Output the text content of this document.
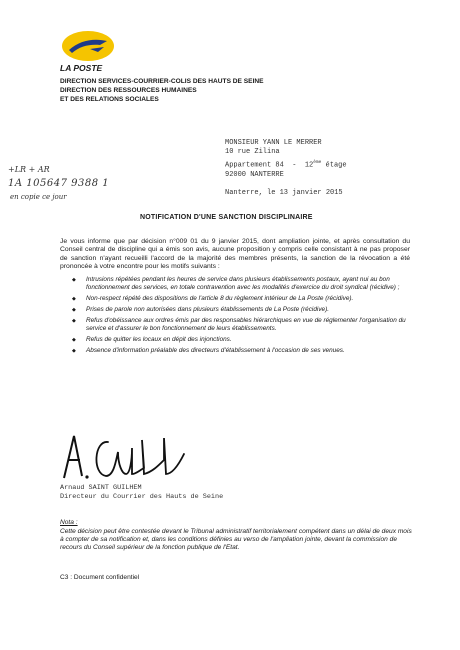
LA POSTE
DIRECTION SERVICES-COURRIER-COLIS DES HAUTS DE SEINE
DIRECTION DES RESSOURCES HUMAINES
ET DES RELATIONS SOCIALES
MONSIEUR YANN LE MERRER
10 rue Zilina
Appartement 84  -  12ème étage
92000 NANTERRE
Nanterre, le 13 janvier 2015
+LR + AR
1A 105647 9388 1
en copie ce jour
NOTIFICATION D'UNE SANCTION DISCIPLINAIRE
Je vous informe que par décision n°009 01 du 9 janvier 2015, dont ampliation jointe, et après consultation du Conseil central de discipline qui a émis son avis, aucune proposition y compris celle consistant à ne pas proposer de sanction n'ayant recueilli l'accord de la majorité des membres présents, la sanction de la révocation a été prononcée à votre encontre pour les motifs suivants :
◆ Intrusions répétées pendant les heures de service dans plusieurs établissements postaux, ayant nui au bon fonctionnement des services, en totale contravention avec les modalités d'exercice du droit syndical (récidive) ;
◆ Non-respect répété des dispositions de l'article 8 du règlement intérieur de La Poste (récidive).
◆ Prises de parole non autorisées dans plusieurs établissements de La Poste (récidive).
◆ Refus d'obéissance aux ordres émis par des responsables hiérarchiques en vue de réglementer l'organisation du service et d'assurer le bon fonctionnement de leurs établissements.
◆ Refus de quitter les locaux en dépit des injonctions.
◆ Absence d'information préalable des directeurs d'établissement à l'occasion de ses venues.
Arnaud SAINT GUILHEM
Directeur du Courrier des Hauts de Seine
Nota :
Cette décision peut être contestée devant le Tribunal administratif territorialement compétent dans un délai de deux mois à compter de sa notification et, dans les conditions définies au verso de l'ampliation jointe, devant la commission de recours du Conseil supérieur de la fonction publique de l'Etat.
C3 : Document confidentiel
